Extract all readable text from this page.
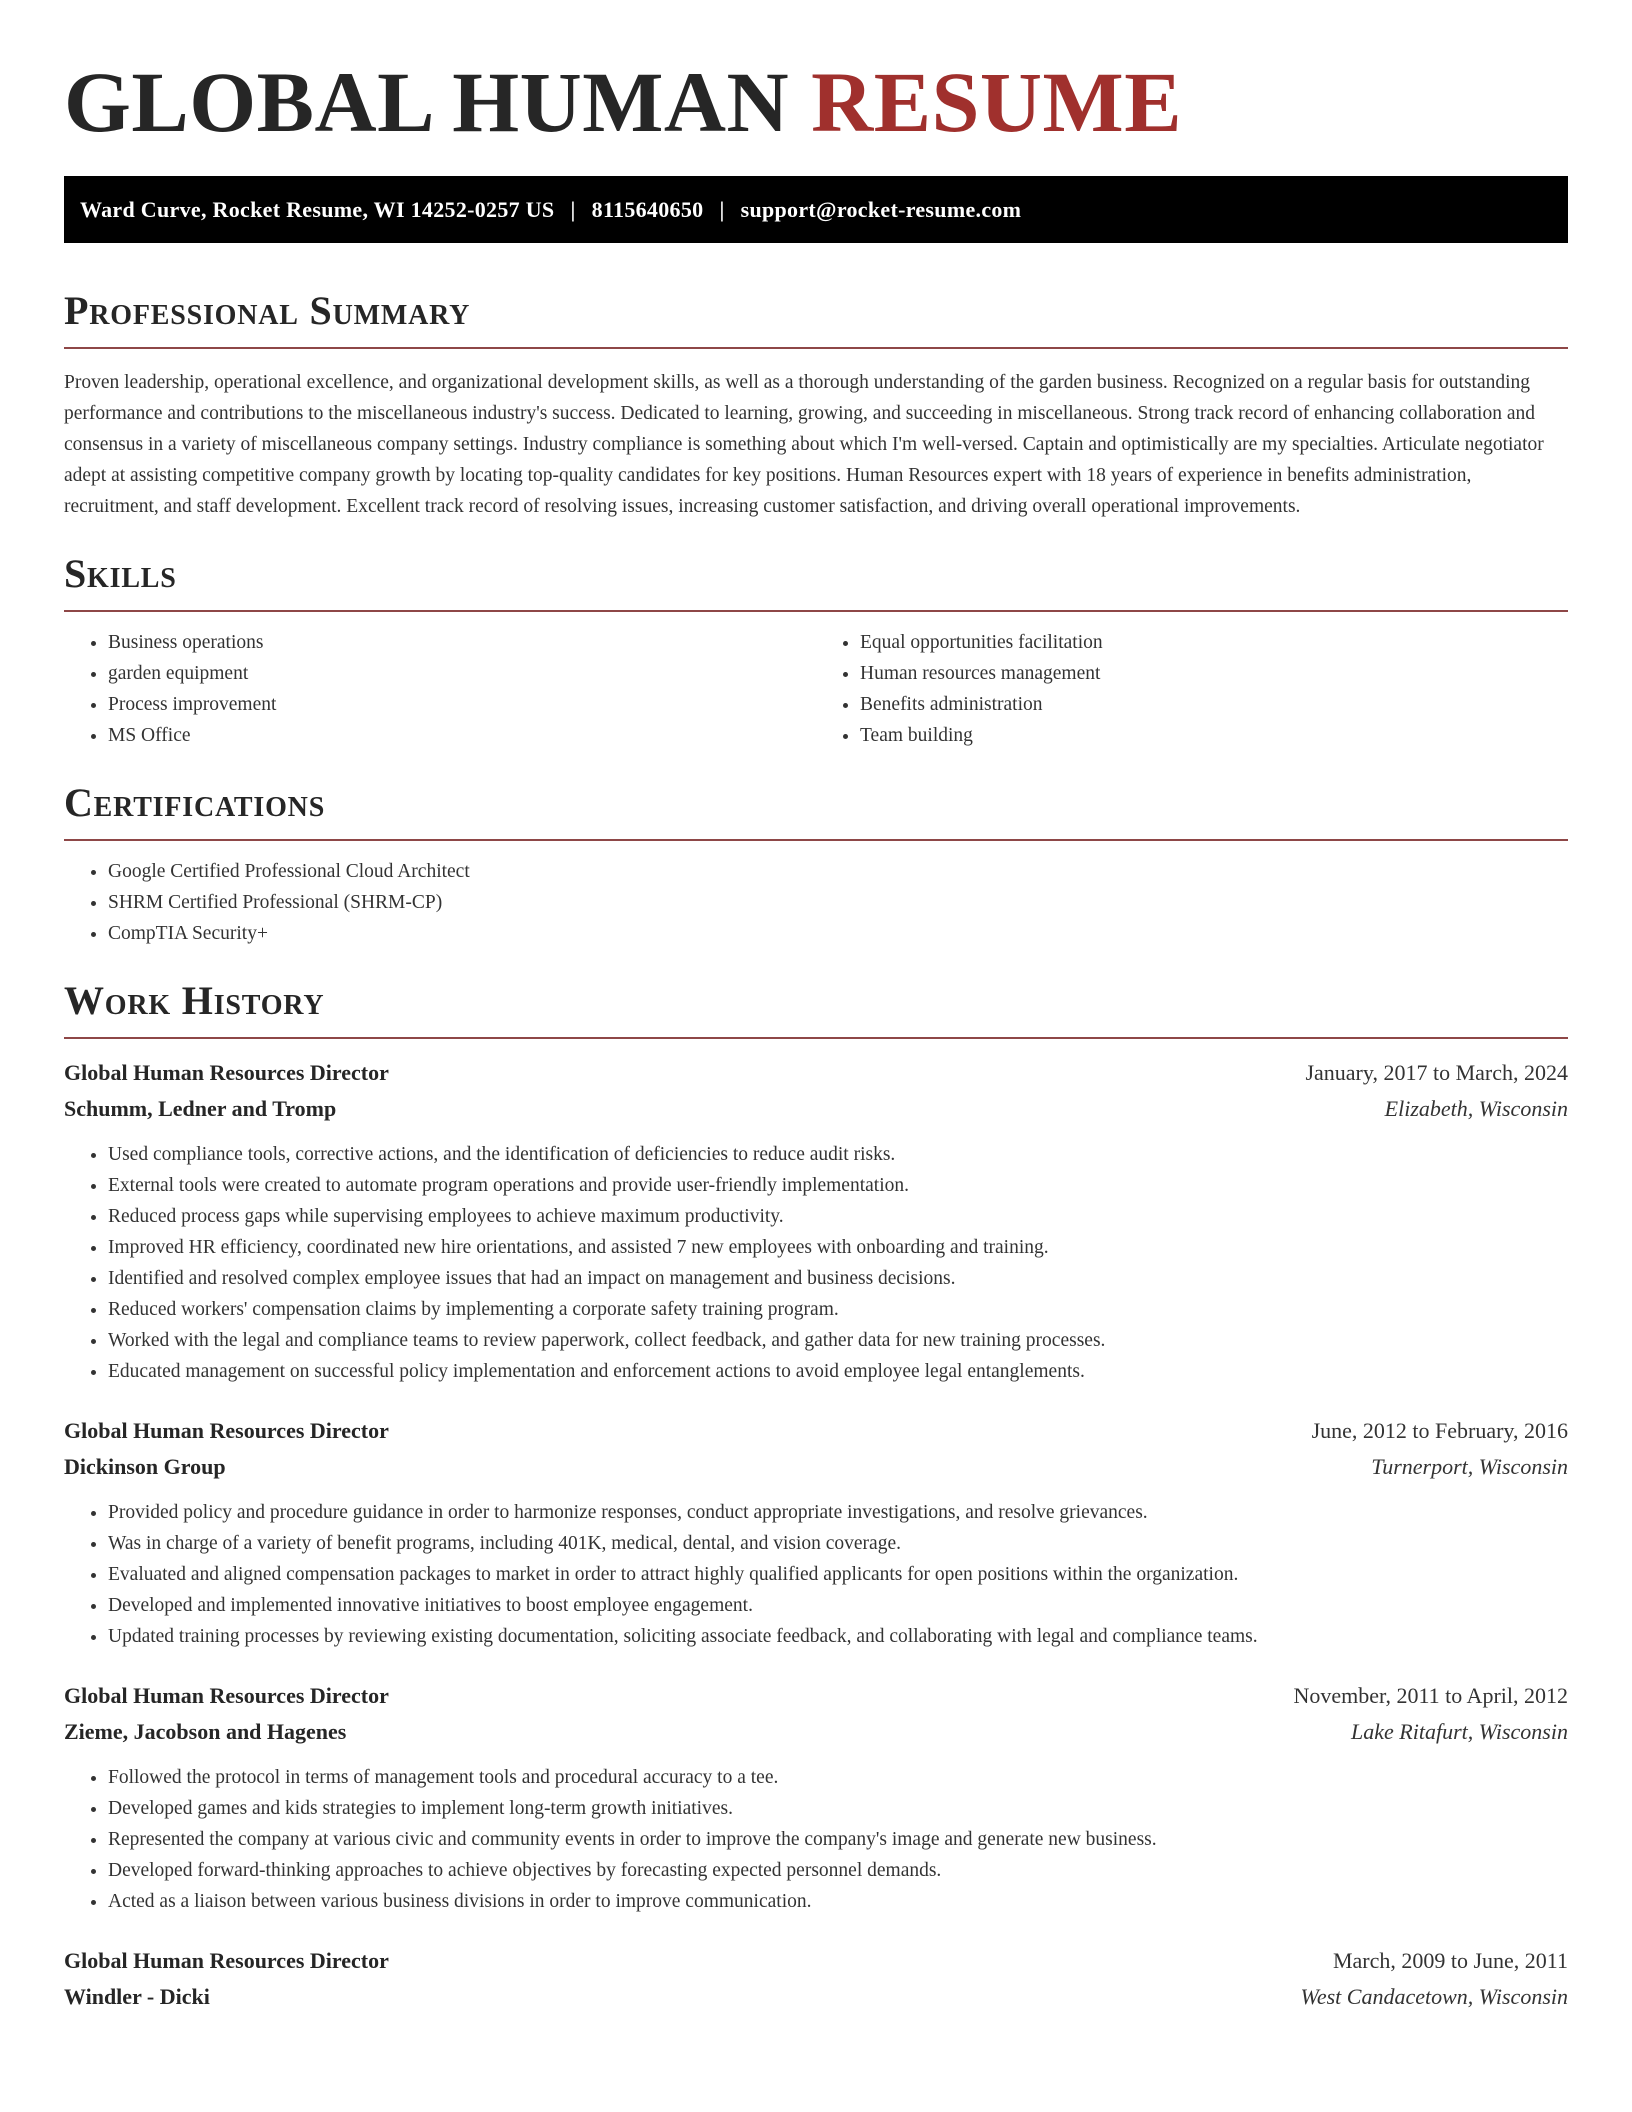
GLOBAL HUMAN RESUME
Ward Curve, Rocket Resume, WI 14252-0257 US | 8115640650 | support@rocket-resume.com
Professional Summary

Proven leadership, operational excellence, and organizational development skills, as well as a thorough understanding of the garden business. Recognized on a regular basis for outstanding performance and contributions to the miscellaneous industry's success. Dedicated to learning, growing, and succeeding in miscellaneous. Strong track record of enhancing collaboration and consensus in a variety of miscellaneous company settings. Industry compliance is something about which I'm well-versed. Captain and optimistically are my specialties. Articulate negotiator adept at assisting competitive company growth by locating top-quality candidates for key positions. Human Resources expert with 18 years of experience in benefits administration, recruitment, and staff development. Excellent track record of resolving issues, increasing customer satisfaction, and driving overall operational improvements.

Skills
• Business operations
• garden equipment
• Process improvement
• MS Office
• Equal opportunities facilitation
• Human resources management
• Benefits administration
• Team building
Certifications
• Google Certified Professional Cloud Architect
• SHRM Certified Professional (SHRM-CP)
• CompTIA Security+
Work History
Global Human Resources Director	January, 2017 to March, 2024
Schumm, Ledner and Tromp	Elizabeth, Wisconsin
• Used compliance tools, corrective actions, and the identification of deficiencies to reduce audit risks.
• External tools were created to automate program operations and provide user-friendly implementation.
• Reduced process gaps while supervising employees to achieve maximum productivity.
• Improved HR efficiency, coordinated new hire orientations, and assisted 7 new employees with onboarding and training.
• Identified and resolved complex employee issues that had an impact on management and business decisions.
• Reduced workers' compensation claims by implementing a corporate safety training program.
• Worked with the legal and compliance teams to review paperwork, collect feedback, and gather data for new training processes.
• Educated management on successful policy implementation and enforcement actions to avoid employee legal entanglements.
Global Human Resources Director	June, 2012 to February, 2016
Dickinson Group	Turnerport, Wisconsin
• Provided policy and procedure guidance in order to harmonize responses, conduct appropriate investigations, and resolve grievances.
• Was in charge of a variety of benefit programs, including 401K, medical, dental, and vision coverage.
• Evaluated and aligned compensation packages to market in order to attract highly qualified applicants for open positions within the organization.
• Developed and implemented innovative initiatives to boost employee engagement.
• Updated training processes by reviewing existing documentation, soliciting associate feedback, and collaborating with legal and compliance teams.
Global Human Resources Director	November, 2011 to April, 2012
Zieme, Jacobson and Hagenes	Lake Ritafurt, Wisconsin
• Followed the protocol in terms of management tools and procedural accuracy to a tee.
• Developed games and kids strategies to implement long-term growth initiatives.
• Represented the company at various civic and community events in order to improve the company's image and generate new business.
• Developed forward-thinking approaches to achieve objectives by forecasting expected personnel demands.
• Acted as a liaison between various business divisions in order to improve communication.
Global Human Resources Director	March, 2009 to June, 2011
Windler - Dicki	West Candacetown, Wisconsin
